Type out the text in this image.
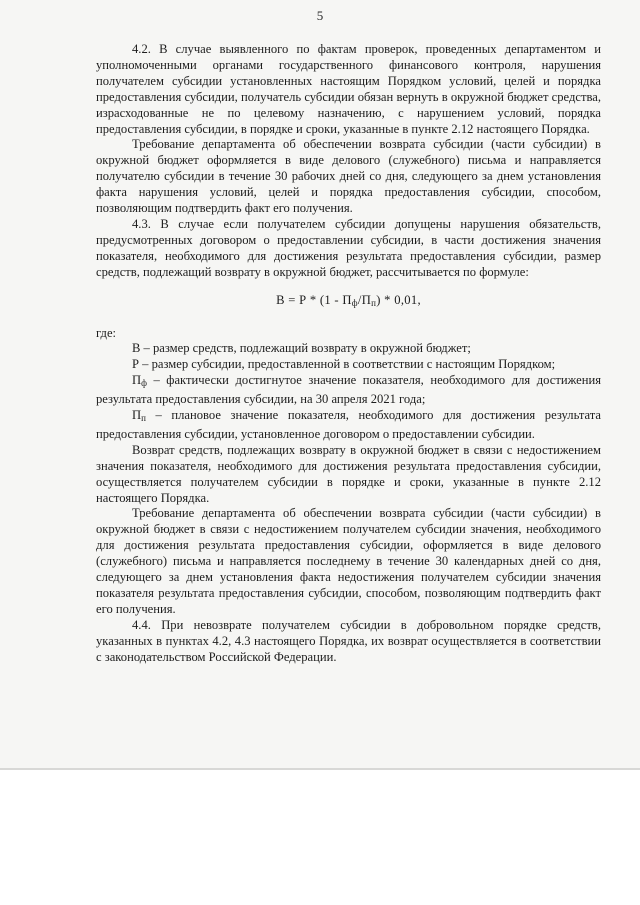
5

4.2. В случае выявленного по фактам проверок, проведенных департаментом и уполномоченными органами государственного финансового контроля, нарушения получателем субсидии установленных настоящим Порядком условий, целей и порядка предоставления субсидии, получатель субсидии обязан вернуть в окружной бюджет средства, израсходованные не по целевому назначению, с нарушением условий, порядка предоставления субсидии, в порядке и сроки, указанные в пункте 2.12 настоящего Порядка.

Требование департамента об обеспечении возврата субсидии (части субсидии) в окружной бюджет оформляется в виде делового (служебного) письма и направляется получателю субсидии в течение 30 рабочих дней со дня, следующего за днем установления факта нарушения условий, целей и порядка предоставления субсидии, способом, позволяющим подтвердить факт его получения.

4.3. В случае если получателем субсидии допущены нарушения обязательств, предусмотренных договором о предоставлении субсидии, в части достижения значения показателя, необходимого для достижения результата предоставления субсидии, размер средств, подлежащий возврату в окружной бюджет, рассчитывается по формуле:

$В = Р * (1 - П_ф/П_п) * 0,01$,

где:

В – размер средств, подлежащий возврату в окружной бюджет;

Р – размер субсидии, предоставленной в соответствии с настоящим Порядком;

Пф – фактически достигнутое значение показателя, необходимого для достижения результата предоставления субсидии, на 30 апреля 2021 года;

Пп – плановое значение показателя, необходимого для достижения результата предоставления субсидии, установленное договором о предоставлении субсидии.

Возврат средств, подлежащих возврату в окружной бюджет в связи с недостижением значения показателя, необходимого для достижения результата предоставления субсидии, осуществляется получателем субсидии в порядке и сроки, указанные в пункте 2.12 настоящего Порядка.

Требование департамента об обеспечении возврата субсидии (части субсидии) в окружной бюджет в связи с недостижением получателем субсидии значения, необходимого для достижения результата предоставления субсидии, оформляется в виде делового (служебного) письма и направляется последнему в течение 30 календарных дней со дня, следующего за днем установления факта недостижения получателем субсидии значения показателя результата предоставления субсидии, способом, позволяющим подтвердить факт его получения.

4.4. При невозврате получателем субсидии в добровольном порядке средств, указанных в пунктах 4.2, 4.3 настоящего Порядка, их возврат осуществляется в соответствии с законодательством Российской Федерации.
